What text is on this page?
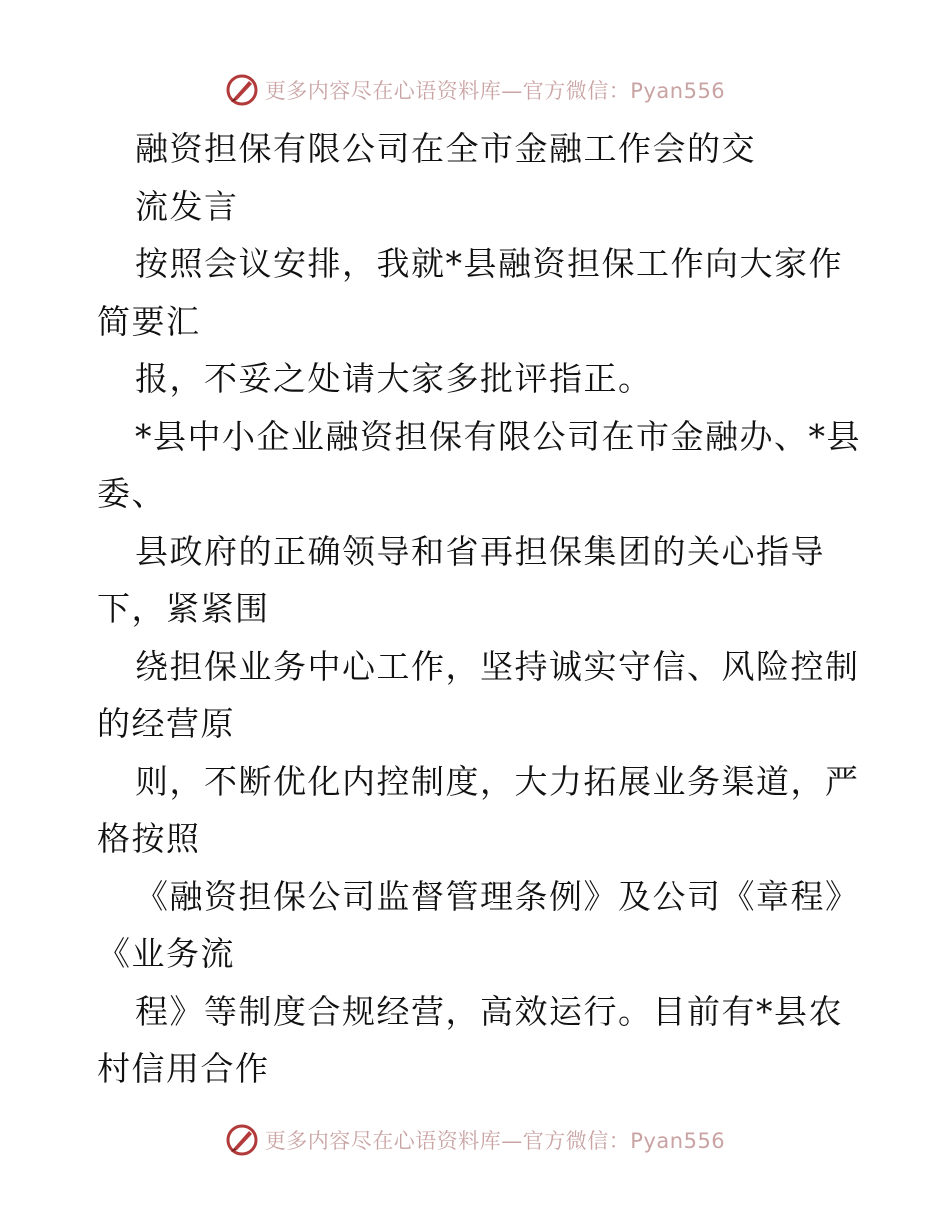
更多内容尽在心语资料库—官方微信：Pyan556
融资担保有限公司在全市金融工作会的交
流发言
按照会议安排，我就*县融资担保工作向大家作
简要汇
报，不妥之处请大家多批评指正。
*县中小企业融资担保有限公司在市金融办、*县
委、
县政府的正确领导和省再担保集团的关心指导
下，紧紧围
绕担保业务中心工作，坚持诚实守信、风险控制
的经营原
则，不断优化内控制度，大力拓展业务渠道，严
格按照
《融资担保公司监督管理条例》及公司《章程》
《业务流
程》等制度合规经营，高效运行。目前有*县农
村信用合作
更多内容尽在心语资料库—官方微信：Pyan556
